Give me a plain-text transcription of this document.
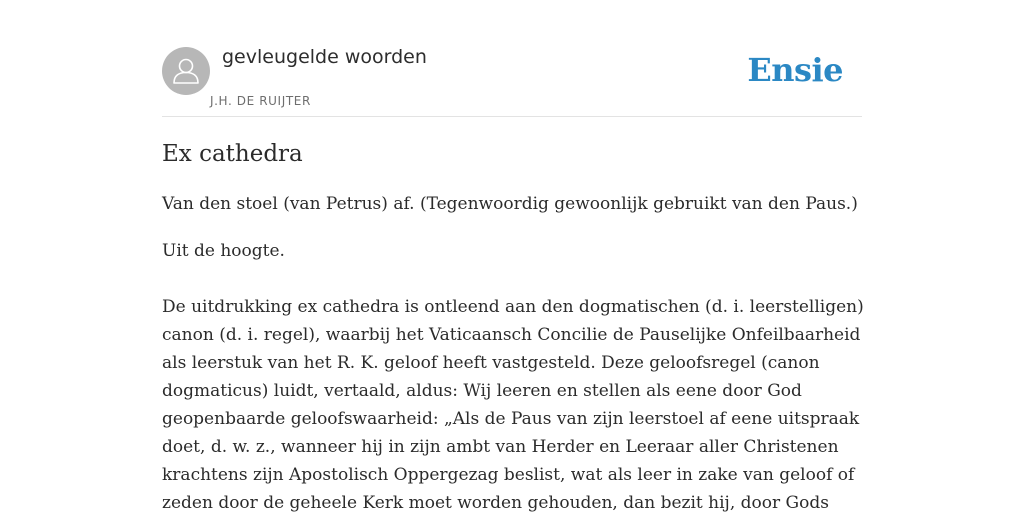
gevleugelde woorden
J.H. DE RUIJTER
Ensie
Ex cathedra

Van den stoel (van Petrus) af. (Tegenwoordig gewoonlijk gebruikt van den Paus.)

Uit de hoogte.

De uitdrukking ex cathedra is ontleend aan den dogmatischen (d. i. leerstelligen)
canon (d. i. regel), waarbij het Vaticaansch Concilie de Pauselijke Onfeilbaarheid
als leerstuk van het R. K. geloof heeft vastgesteld. Deze geloofsregel (canon
dogmaticus) luidt, vertaald, aldus: Wij leeren en stellen als eene door God
geopenbaarde geloofswaarheid: „Als de Paus van zijn leerstoel af eene uitspraak
doet, d. w. z., wanneer hij in zijn ambt van Herder en Leeraar aller Christenen
krachtens zijn Apostolisch Oppergezag beslist, wat als leer in zake van geloof of
zeden door de geheele Kerk moet worden gehouden, dan bezit hij, door Gods
